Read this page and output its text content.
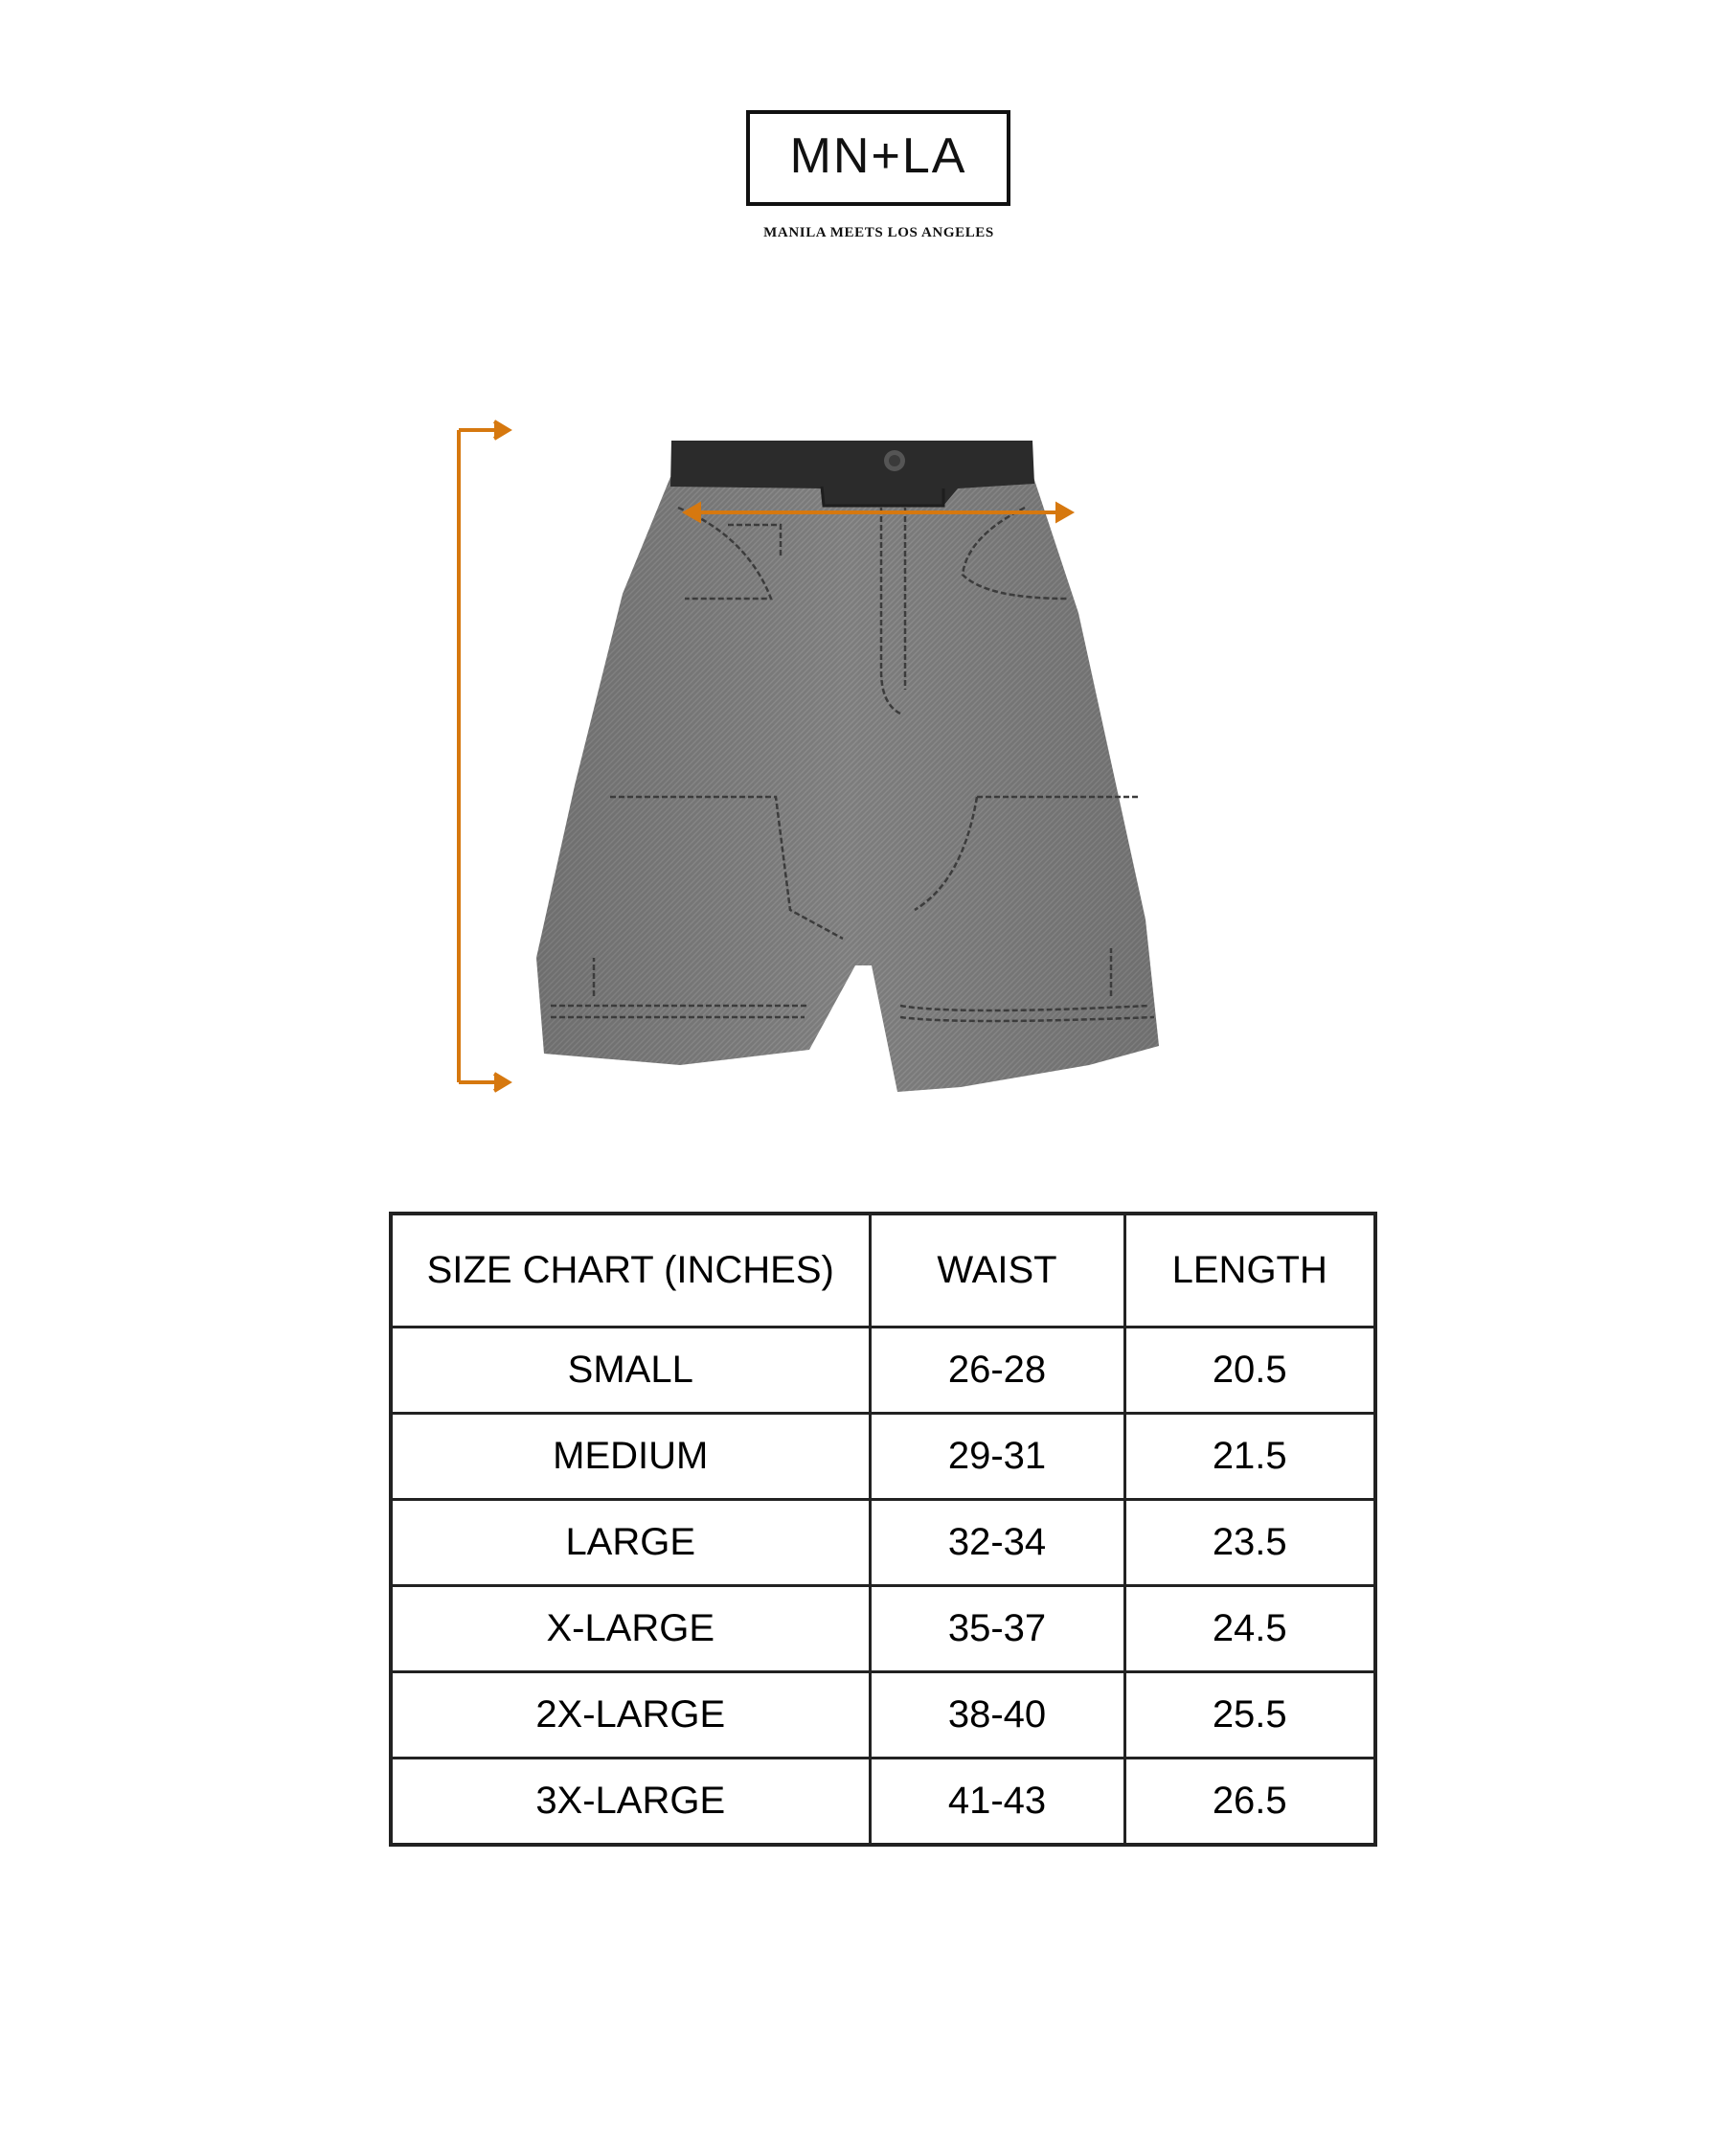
MN+LA
MANILA MEETS LOS ANGELES
SIZE CHART (INCHES)	WAIST	LENGTH
SMALL	26-28	20.5
MEDIUM	29-31	21.5
LARGE	32-34	23.5
X-LARGE	35-37	24.5
2X-LARGE	38-40	25.5
3X-LARGE	41-43	26.5
